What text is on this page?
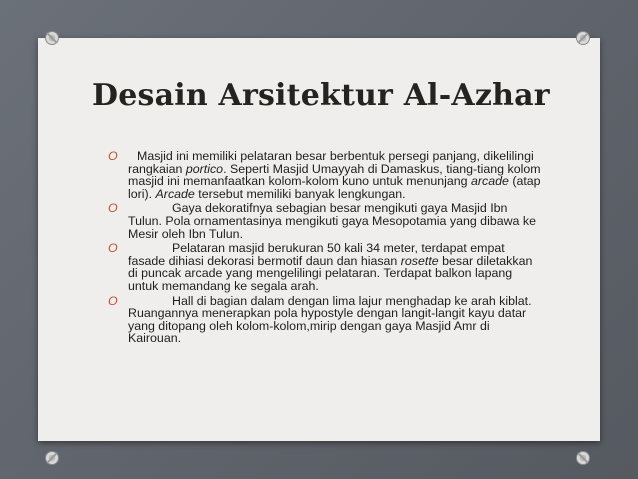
Desain Arsitektur Al-Azhar
O Masjid ini memiliki pelataran besar berbentuk persegi panjang, dikelilingi rangkaian portico. Seperti Masjid Umayyah di Damaskus, tiang-tiang kolom masjid ini memanfaatkan kolom-kolom kuno untuk menunjang arcade (atap lori). Arcade tersebut memiliki banyak lengkungan.
O	Gaya dekoratifnya sebagian besar mengikuti gaya Masjid Ibn Tulun. Pola ornamentasinya mengikuti gaya Mesopotamia yang dibawa ke Mesir oleh Ibn Tulun.
O	Pelataran masjid berukuran 50 kali 34 meter, terdapat empat fasade dihiasi dekorasi bermotif daun dan hiasan rosette besar diletakkan di puncak arcade yang mengelilingi pelataran. Terdapat balkon lapang untuk memandang ke segala arah.
O	Hall di bagian dalam dengan lima lajur menghadap ke arah kiblat. Ruangannya menerapkan pola hypostyle dengan langit-langit kayu datar yang ditopang oleh kolom-kolom,mirip dengan gaya Masjid Amr di Kairouan.
